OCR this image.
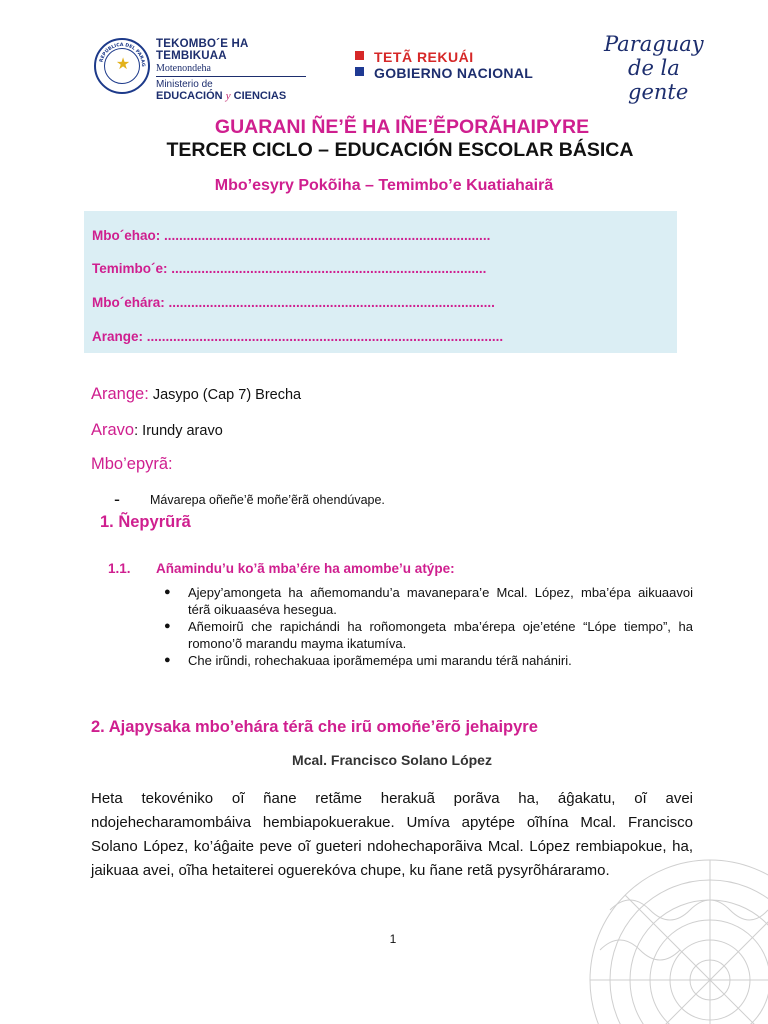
★
REPÚBLICA DEL PARAG
TEKOMBO´E HA TEMBIKUAA
Motenondeha
Ministerio de
EDUCACIÓN y CIENCIAS
TETÃ REKUÁI
GOBIERNO NACIONAL
Paraguay
de la gente
GUARANI ÑE’Ẽ HA IÑE’ẼPORÃHAIPYRE
TERCER CICLO – EDUCACIÓN ESCOLAR BÁSICA
Mbo’esyry Pokõiha – Temimbo’e Kuatiahairã
Mbo´ehao: .......................................................................................
Temimbo´e: ....................................................................................
Mbo´ehára: .......................................................................................
Arange: ...............................................................................................
Arange: Jasypo (Cap 7) Brecha
Aravo: Irundy aravo
Mbo’epyrã:
- Mávarepa oñeñe’ẽ moñe’ẽrã ohendúvape.
1. Ñepyrũrã
1.1. Añamindu’u ko’ã mba’ére ha amombe’u atýpe:
● Ajepy’amongeta ha añemomandu’a mavanepara’e Mcal. López, mba’épa aikuaavoi térã oikuaaséva hesegua.
● Añemoirũ che rapichándi ha roñomongeta mba’érepa oje’eténe “Lópe tiempo”, ha romono’õ marandu mayma ikatumíva.
● Che irũndi, rohechakuaa iporãmemépa umi marandu térã nahániri.
2. Ajapysaka mbo’ehára térã che irũ omoñe’ẽrõ jehaipyre
Mcal. Francisco Solano López
Heta tekovéniko oĩ ñane retãme herakuã porãva ha, áĝakatu, oĩ avei ndojehecharamombáiva hembiapokuerakue. Umíva apytépe oĩhína Mcal. Francisco Solano López, ko’áĝaite peve oĩ gueteri ndohechaporãiva Mcal. López rembiapokue, ha, jaikuaa avei, oĩha hetaiterei oguerekóva chupe, ku ñane retã pysyrõháraramo.
1
